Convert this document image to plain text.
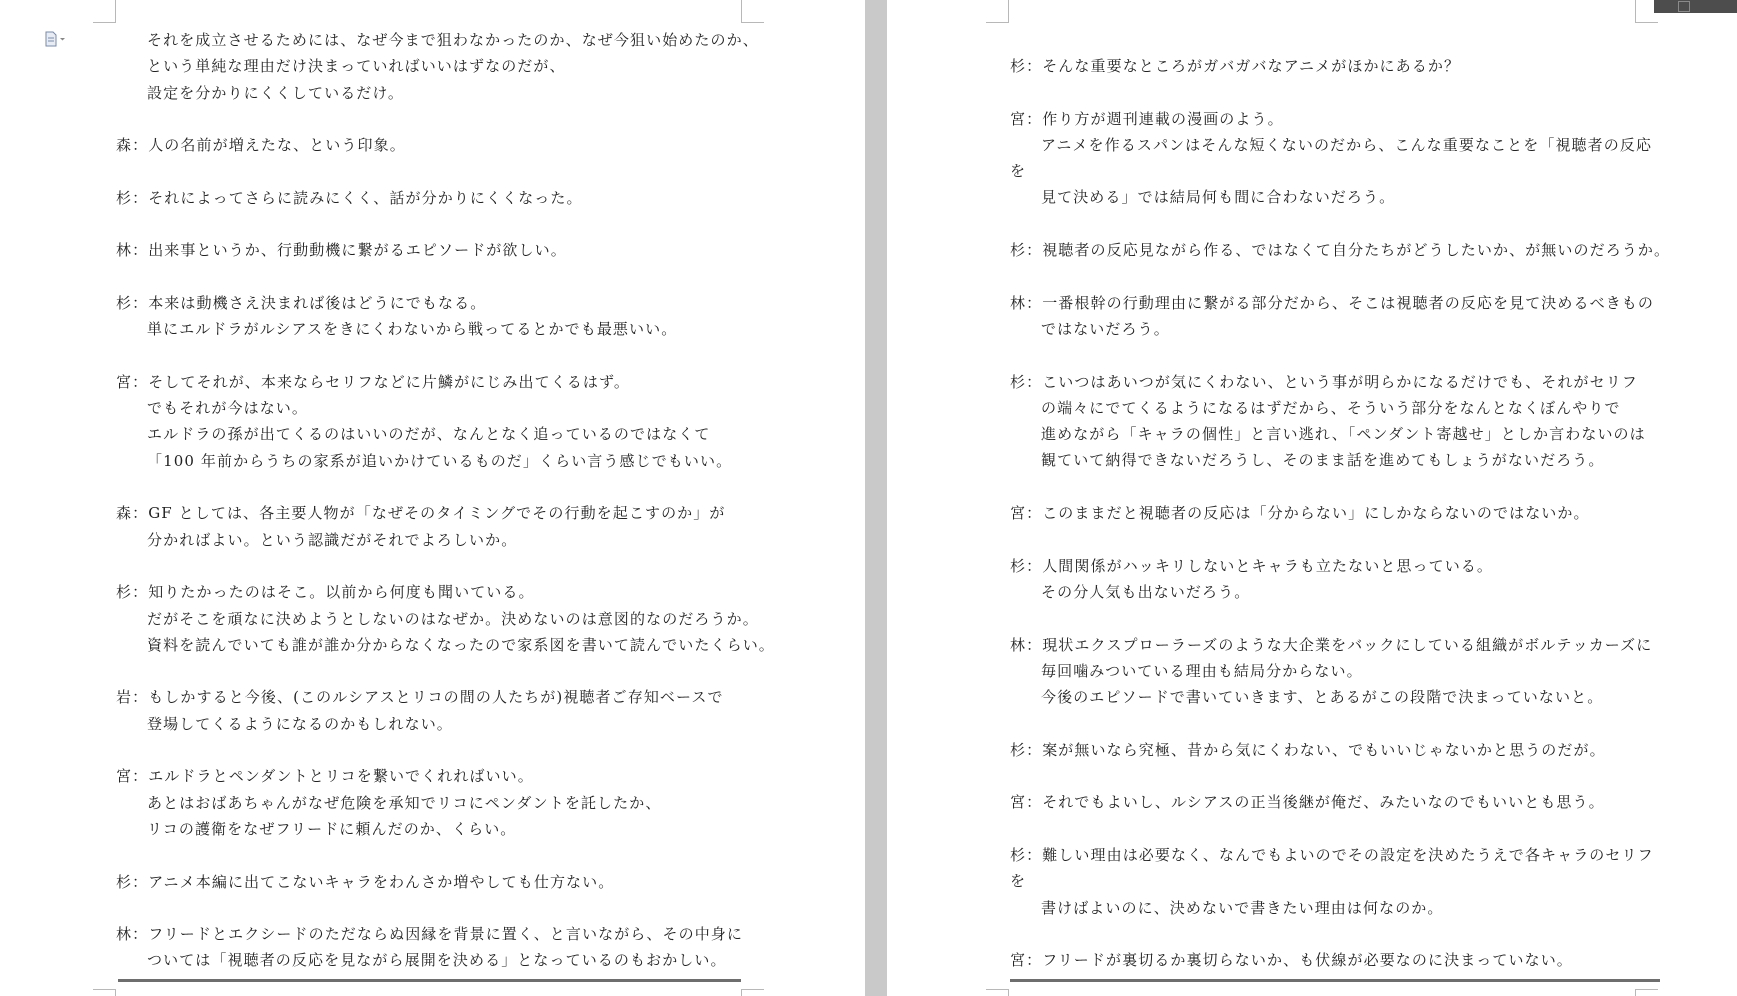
それを成立させるためには、なぜ今まで狙わなかったのか、なぜ今狙い始めたのか、
という単純な理由だけ決まっていればいいはずなのだが、
設定を分かりにくくしているだけ。
森：人の名前が増えたな、という印象。
杉：それによってさらに読みにくく、話が分かりにくくなった。
林：出来事というか、行動動機に繋がるエピソードが欲しい。
杉：本来は動機さえ決まれば後はどうにでもなる。
単にエルドラがルシアスをきにくわないから戦ってるとかでも最悪いい。
宮：そしてそれが、本来ならセリフなどに片鱗がにじみ出てくるはず。
でもそれが今はない。
エルドラの孫が出てくるのはいいのだが、なんとなく追っているのではなくて
「100 年前からうちの家系が追いかけているものだ」くらい言う感じでもいい。
森：GF としては、各主要人物が「なぜそのタイミングでその行動を起こすのか」が
分かればよい。という認識だがそれでよろしいか。
杉：知りたかったのはそこ。以前から何度も聞いている。
だがそこを頑なに決めようとしないのはなぜか。決めないのは意図的なのだろうか。
資料を読んでいても誰が誰か分からなくなったので家系図を書いて読んでいたくらい。
岩：もしかすると今後、(このルシアスとリコの間の人たちが)視聴者ご存知ベースで
登場してくるようになるのかもしれない。
宮：エルドラとペンダントとリコを繋いでくれればいい。
あとはおばあちゃんがなぜ危険を承知でリコにペンダントを託したか、
リコの護衛をなぜフリードに頼んだのか、くらい。
杉：アニメ本編に出てこないキャラをわんさか増やしても仕方ない。
林：フリードとエクシードのただならぬ因縁を背景に置く、と言いながら、その中身に
ついては「視聴者の反応を見ながら展開を決める」となっているのもおかしい。
杉：そんな重要なところがガバガバなアニメがほかにあるか？
宮：作り方が週刊連載の漫画のよう。
アニメを作るスパンはそんな短くないのだから、こんな重要なことを「視聴者の反応
を
見て決める」では結局何も間に合わないだろう。
杉：視聴者の反応見ながら作る、ではなくて自分たちがどうしたいか、が無いのだろうか。
林：一番根幹の行動理由に繋がる部分だから、そこは視聴者の反応を見て決めるべきもの
ではないだろう。
杉：こいつはあいつが気にくわない、という事が明らかになるだけでも、それがセリフ
の端々にでてくるようになるはずだから、そういう部分をなんとなくぼんやりで
進めながら「キャラの個性」と言い逃れ、「ペンダント寄越せ」としか言わないのは
観ていて納得できないだろうし、そのまま話を進めてもしょうがないだろう。
宮：このままだと視聴者の反応は「分からない」にしかならないのではないか。
杉：人間関係がハッキリしないとキャラも立たないと思っている。
その分人気も出ないだろう。
林：現状エクスプローラーズのような大企業をバックにしている組織がボルテッカーズに
毎回噛みついている理由も結局分からない。
今後のエピソードで書いていきます、とあるがこの段階で決まっていないと。
杉：案が無いなら究極、昔から気にくわない、でもいいじゃないかと思うのだが。
宮：それでもよいし、ルシアスの正当後継が俺だ、みたいなのでもいいとも思う。
杉：難しい理由は必要なく、なんでもよいのでその設定を決めたうえで各キャラのセリフ
を
書けばよいのに、決めないで書きたい理由は何なのか。
宮：フリードが裏切るか裏切らないか、も伏線が必要なのに決まっていない。
